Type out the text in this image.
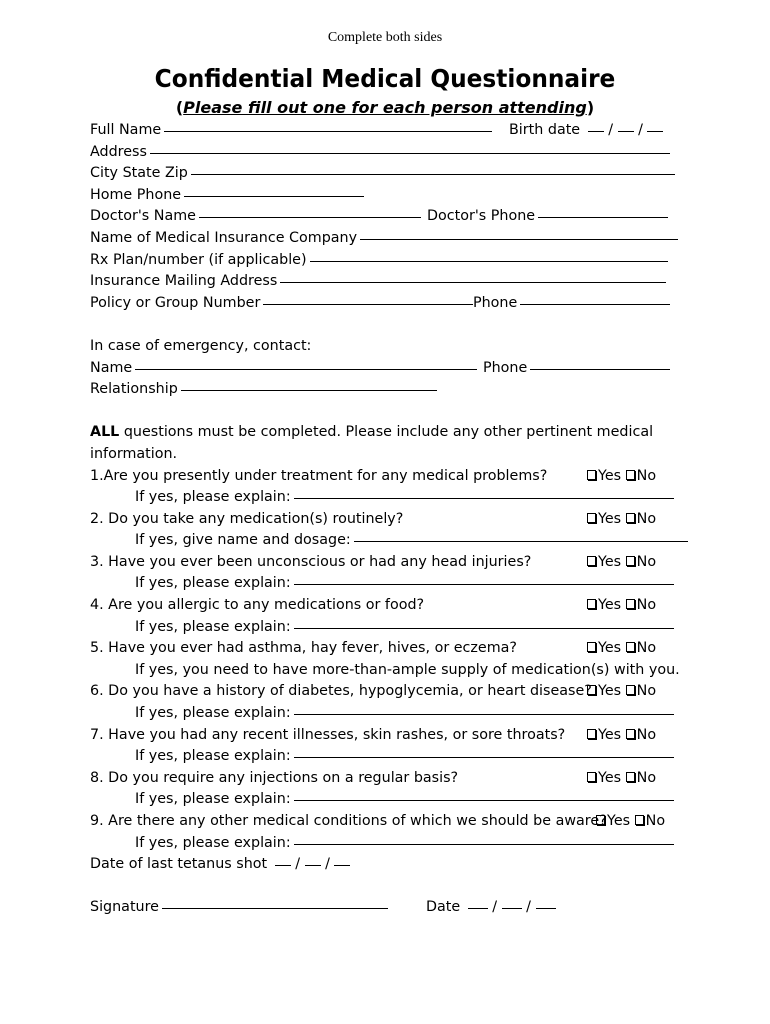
Complete both sides
Confidential Medical Questionnaire
(Please fill out one for each person attending)
Full Name	Birth date  /  /
Address
City State Zip
Home Phone
Doctor's Name	Doctor's Phone
Name of Medical Insurance Company
Rx Plan/number (if applicable)
Insurance Mailing Address
Policy or Group Number	Phone
In case of emergency, contact:
Name	Phone
Relationship
ALL questions must be completed. Please include any other pertinent medical
information.
1.Are you presently under treatment for any medical problems?	Yes No
If yes, please explain:
2. Do you take any medication(s) routinely?	Yes No
If yes, give name and dosage:
3. Have you ever been unconscious or had any head injuries?	Yes No
If yes, please explain:
4. Are you allergic to any medications or food?	Yes No
If yes, please explain:
5. Have you ever had asthma, hay fever, hives, or eczema?	Yes No
If yes, you need to have more-than-ample supply of medication(s) with you.
6. Do you have a history of diabetes, hypoglycemia, or heart disease? Yes No
If yes, please explain:
7. Have you had any recent illnesses, skin rashes, or sore throats?	Yes No
If yes, please explain:
8. Do you require any injections on a regular basis?	Yes No
If yes, please explain:
9. Are there any other medical conditions of which we should be aware? Yes No
If yes, please explain:
Date of last tetanus shot  /  /
Signature	Date  /  /
